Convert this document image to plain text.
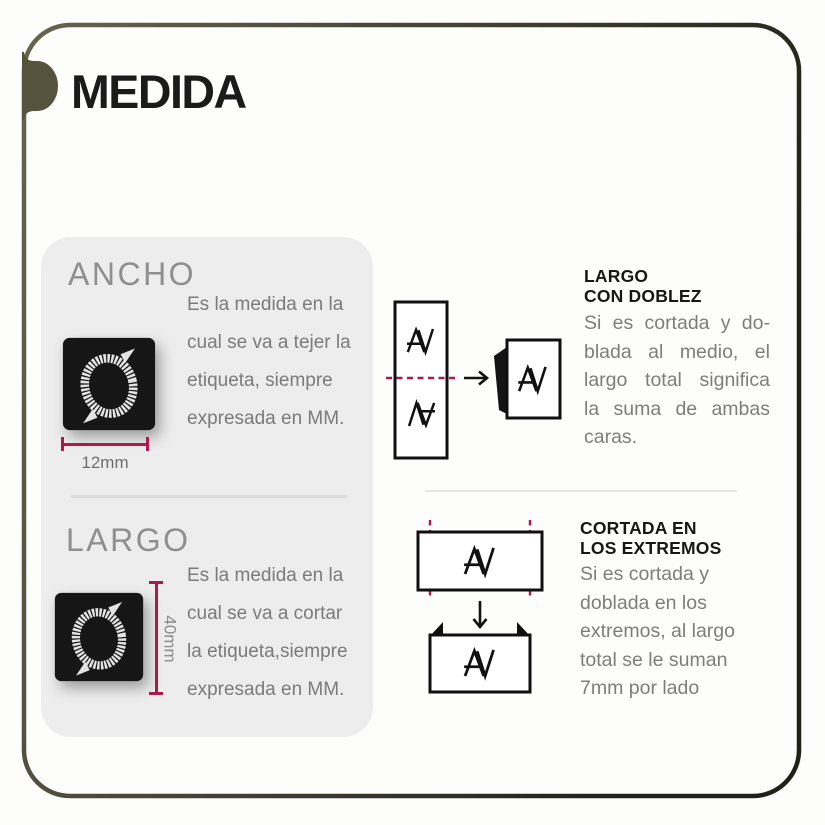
MEDIDA
ANCHO
12mm
Es la medida en la
cual se va a tejer la
etiqueta, siempre
expresada en MM.
LARGO
40mm
Es la medida en la
cual se va a cortar
la etiqueta,siempre
expresada en MM.
LARGO
CON DOBLEZ
Si es cortada y do-
blada al medio, el
largo total significa
la suma de ambas
caras.
CORTADA EN
LOS EXTREMOS
Si es cortada y
doblada en los
extremos, al largo
total se le suman
7mm por lado
